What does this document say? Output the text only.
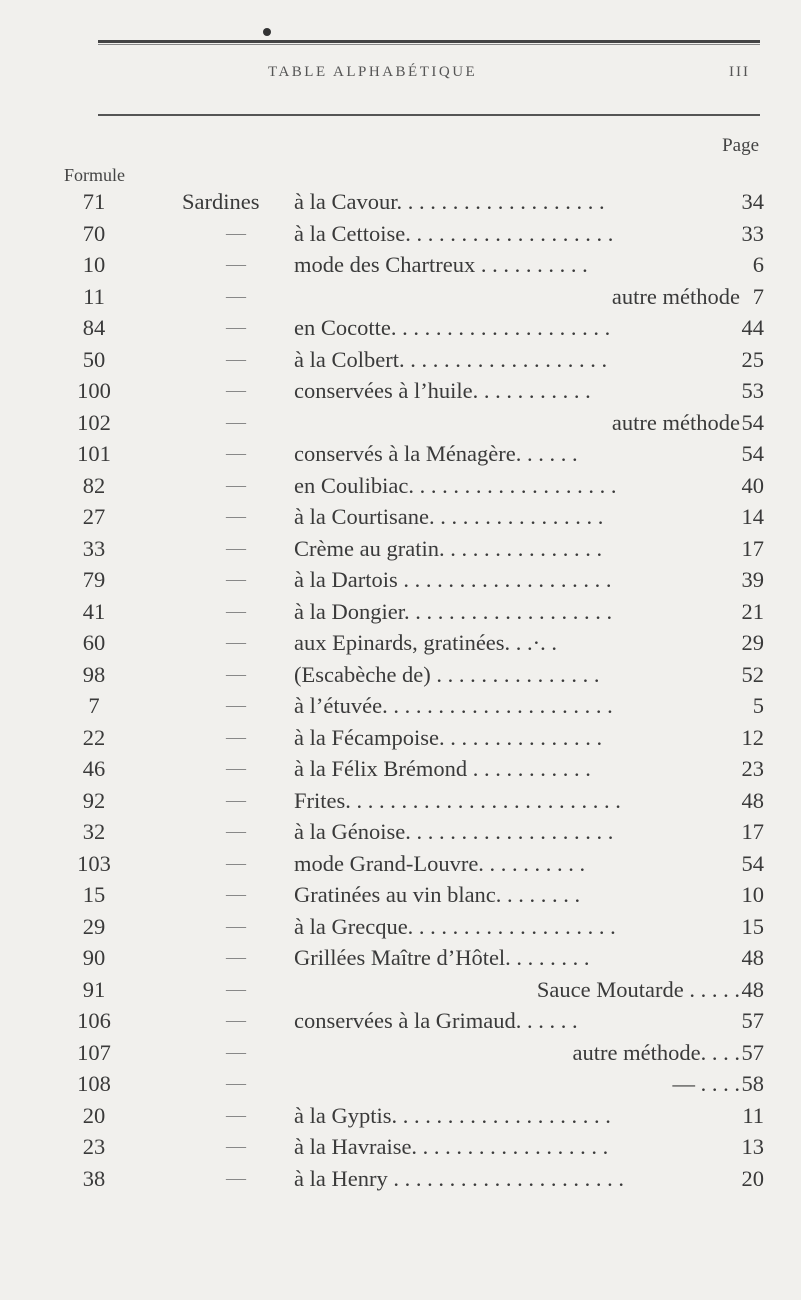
TABLE ALPHABÉTIQUE	III
Formule
Page
71	Sardines à la Cavour. . . . . . . . . . . . . . . . . . .	34
70	—	à la Cettoise. . . . . . . . . . . . . . . . . . .	33
10	—	mode des Chartreux . . . . . . . . . .	6
11	—	autre méthode 7
84	—	en Cocotte. . . . . . . . . . . . . . . . . . . .	44
50	—	à la Colbert. . . . . . . . . . . . . . . . . . .	25
100	—	conservées à l’huile. . . . . . . . . . .	53
102	—	autre méthode 54
101	—	conservés à la Ménagère. . . . . .	54
82	—	en Coulibiac. . . . . . . . . . . . . . . . . . .	40
27	—	à la Courtisane. . . . . . . . . . . . . . . .	14
33	—	Crème au gratin. . . . . . . . . . . . . . .	17
79	—	à la Dartois . . . . . . . . . . . . . . . . . . .	39
41	—	à la Dongier. . . . . . . . . . . . . . . . . . .	21
60	—	aux Epinards, gratinées. . .·. .	29
98	—	(Escabèche de) . . . . . . . . . . . . . . .	52
7	—	à l’étuvée. . . . . . . . . . . . . . . . . . . . .	5
22	—	à la Fécampoise. . . . . . . . . . . . . . .	12
46	—	à la Félix Brémond . . . . . . . . . . .	23
92	—	Frites. . . . . . . . . . . . . . . . . . . . . . . . .	48
32	—	à la Génoise. . . . . . . . . . . . . . . . . . .	17
103	—	mode Grand-Louvre. . . . . . . . . .	54
15	—	Gratinées au vin blanc. . . . . . . .	10
29	—	à la Grecque. . . . . . . . . . . . . . . . . . .	15
90	—	Grillées Maître d’Hôtel. . . . . . . .	48
91	—	Sauce Moutarde . . . . . 48
106	—	conservées à la Grimaud. . . . . .	57
107	—	autre méthode. . . . 57
108	—	— . . . . 58
20	—	à la Gyptis. . . . . . . . . . . . . . . . . . . .	11
23	—	à la Havraise. . . . . . . . . . . . . . . . . .	13
38	—	à la Henry . . . . . . . . . . . . . . . . . . . . .	20
